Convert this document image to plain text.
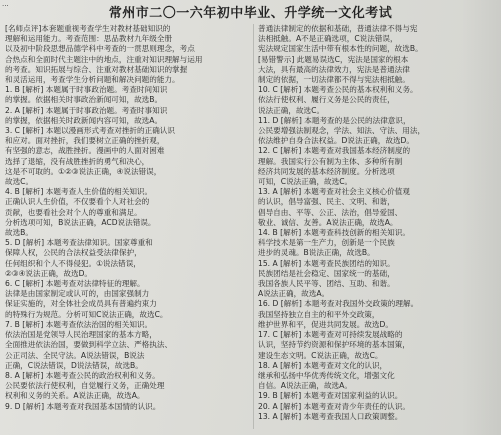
...
常州市二〇一六年初中毕业、升学统一文化考试
[名师点评]本套题重视考查学生对教材基础知识的
理解和运用能力。考查范围：思品教材九年级全册
以及初中阶段思想品德学科中考查的一贯思则理念，考点
合热点和全面时代主题注中的地点，注重对知识理解与运用
的考查。知识拓展与综合、注重对教材基础知识的掌握
和灵活运用，考查学生分析问题和解决问题的能力。
1. B [解析] 本题属于时事政治题。考查时间知识
的掌握。依据相关时事政治新闻可知，故选B。
2. A [解析] 本题属于时事政治题。考查时事知识
的掌握，依据相关时政新闻内容可知，故选A。
3. C [解析] 本题以漫画形式考查对挫折的正确认识
和应对。面对挫折，我们要树立正确的挫折观，
有坚强的意志，战胜挫折。漫画中的人面对困难
选择了退缩，没有战胜挫折的勇气和决心，
这是不可取的。①②③说法正确，④说法错误，
故选C。
4. B [解析] 本题考查人生价值的相关知识。
正确认识人生价值，不仅要看个人对社会的
贡献，也要看社会对个人的尊重和满足。
分析选项可知，B说法正确，ACD说法错误。
故选B。
5. D [解析] 本题考查法律知识。国家尊重和
保障人权，公民的合法权益受法律保护，
任何组织和个人不得侵犯。①说法错误，
②③④说法正确，故选D。
6. C [解析] 本题考查对法律特征的理解。
法律是由国家制定或认可的，由国家强制力
保证实施的，对全体社会成员具有普遍约束力
的特殊行为规范。分析可知C说法正确，故选C。
7. B [解析] 本题考查依法治国的相关知识。
依法治国是党领导人民治理国家的基本方略，
全面推进依法治国，要做到科学立法、严格执法、
公正司法、全民守法。A说法错误，B说法
正确，C说法错误，D说法错误，故选B。
8. A [解析] 本题考查公民的政治权利和义务。
公民要依法行使权利，自觉履行义务，正确处理
权利和义务的关系。A说法正确，故选A。
9. D [解析] 本题考查对我国基本国情的认识。
普通法律制定的依据和基础，普通法律不得与宪
法相抵触。A不是正确选项，C说法错误，
宪法规定国家生活中带有根本性的问题，故选B。
[易错警示] 此题易误选C，宪法是国家的根本
大法，具有最高的法律效力，宪法是普通法律
制定的依据，一切法律都不得与宪法相抵触。
10. C [解析] 本题考查公民的基本权利和义务。
依法行使权利、履行义务是公民的责任，
说法正确，故选C。
11. D [解析] 本题考查的是公民的法律意识，
公民要增强法制观念，学法、知法、守法、用法，
依法维护自身合法权益。D说法正确，故选D。
12. C [解析] 本题考查对我国基本经济制度的
理解。我国实行公有制为主体、多种所有制
经济共同发展的基本经济制度。分析选项
可知，C说法正确，故选C。
13. A [解析] 本题考查对社会主义核心价值观
的认识，倡导富强、民主、文明、和谐，
倡导自由、平等、公正、法治，倡导爱国、
敬业、诚信、友善。A说法正确，故选A。
14. B [解析] 本题考查科技创新的相关知识。
科学技术是第一生产力，创新是一个民族
进步的灵魂。B说法正确，故选B。
15. A [解析] 本题考查民族团结的知识。
民族团结是社会稳定、国家统一的基础，
我国各族人民平等、团结、互助、和谐。
A说法正确，故选A。
16. D [解析] 本题考查对我国外交政策的理解。
我国坚持独立自主的和平外交政策，
维护世界和平，促进共同发展。故选D。
17. C [解析] 本题考查对可持续发展战略的
认识，坚持节约资源和保护环境的基本国策，
建设生态文明。C说法正确，故选C。
18. A [解析] 本题考查对文化的认识，
继承和弘扬中华优秀传统文化，增强文化
自信。A说法正确，故选A。
19. B [解析] 本题考查对国家利益的认识。
20. A [解析] 本题考查对青少年责任的认识。
13. A [解析] 本题考查我国人口政策调整。
